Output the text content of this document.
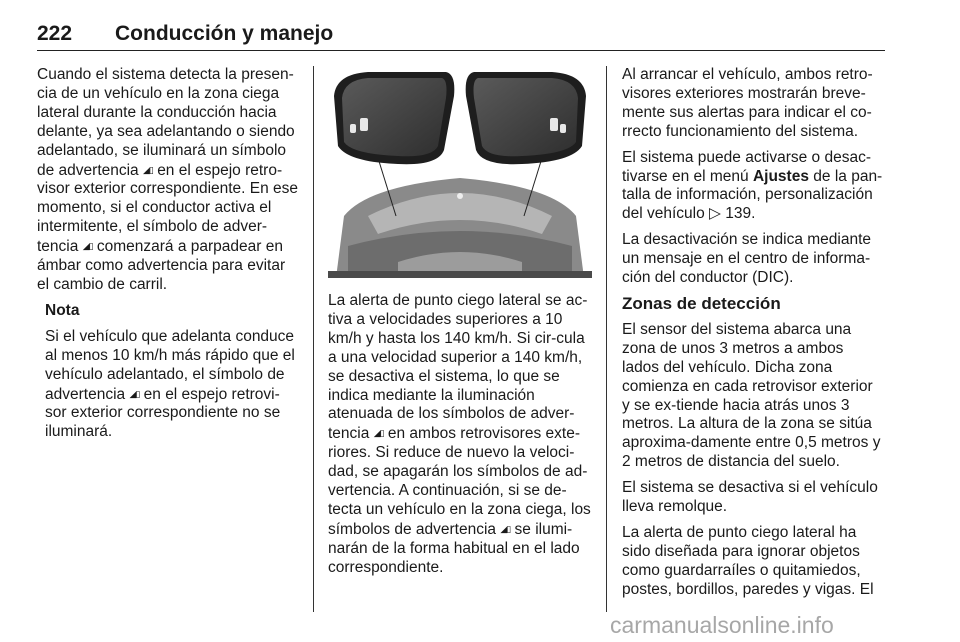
222 Conducción y manejo

Cuando el sistema detecta la presen-cia de un vehículo en la zona ciega lateral durante la conducción hacia delante, ya sea adelantando o siendo adelantado, se iluminará un símbolo de advertencia ◢▯ en el espejo retro-visor exterior correspondiente. En ese momento, si el conductor activa el intermitente, el símbolo de adver-tencia ◢▯ comenzará a parpadear en ámbar como advertencia para evitar el cambio de carril.

Nota

Si el vehículo que adelanta conduce al menos 10 km/h más rápido que el vehículo adelantado, el símbolo de advertencia ◢▯ en el espejo retrovi-sor exterior correspondiente no se iluminará.

La alerta de punto ciego lateral se ac-tiva a velocidades superiores a 10 km/h y hasta los 140 km/h. Si cir-cula a una velocidad superior a 140 km/h, se desactiva el sistema, lo que se indica mediante la iluminación atenuada de los símbolos de adver-tencia ◢▯ en ambos retrovisores exte-riores. Si reduce de nuevo la veloci-dad, se apagarán los símbolos de ad-vertencia. A continuación, si se de-tecta un vehículo en la zona ciega, los símbolos de advertencia ◢▯ se ilumi-narán de la forma habitual en el lado correspondiente.

Al arrancar el vehículo, ambos retro-visores exteriores mostrarán breve-mente sus alertas para indicar el co-rrecto funcionamiento del sistema.

El sistema puede activarse o desac-tivarse en el menú Ajustes de la pan-talla de información, personalización del vehículo ▷ 139.

La desactivación se indica mediante un mensaje en el centro de informa-ción del conductor (DIC).

Zonas de detección

El sensor del sistema abarca una zona de unos 3 metros a ambos lados del vehículo. Dicha zona comienza en cada retrovisor exterior y se ex-tiende hacia atrás unos 3 metros. La altura de la zona se sitúa aproxima-damente entre 0,5 metros y 2 metros de distancia del suelo.

El sistema se desactiva si el vehículo lleva remolque.

La alerta de punto ciego lateral ha sido diseñada para ignorar objetos como guardarraíles o quitamiedos, postes, bordillos, paredes y vigas. El

carmanualsonline.info
